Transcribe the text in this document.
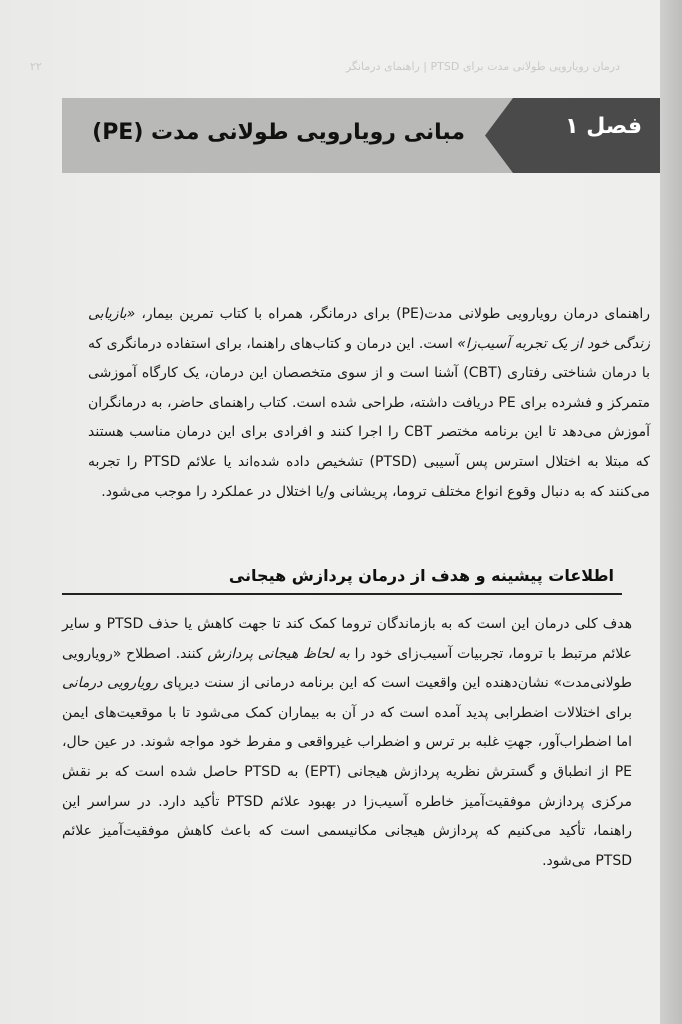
۲۲	درمان رویارویی طولانی مدت برای PTSD | راهنمای درمانگر
فصل ۱
مبانی رویارویی طولانی مدت (PE)

راهنمای درمان رویارویی طولانی مدت(PE) برای درمانگر، همراه با کتاب تمرین بیمار، «بازیابی زندگی خود از یک تجربه آسیب‌زا» است. این درمان و کتاب‌های راهنما، برای استفاده درمانگری که با درمان شناختی رفتاری (CBT) آشنا است و از سوی متخصصان این درمان، یک کارگاه آموزشی متمرکز و فشرده برای PE دریافت داشته، طراحی شده است. کتاب راهنمای حاضر، به درمانگران آموزش می‌دهد تا این برنامه مختصر CBT را اجرا کنند و افرادی برای این درمان مناسب هستند که مبتلا به اختلال استرس پس آسیبی (PTSD) تشخیص داده شده‌اند یا علائم PTSD را تجربه می‌کنند که به دنبال وقوع انواع مختلف تروما، پریشانی و/یا اختلال در عملکرد را موجب می‌شود.

اطلاعات پیشینه و هدف از درمان پردازش هیجانی

هدف کلی درمان این است که به بازماندگان تروما کمک کند تا جهت کاهش یا حذف PTSD و سایر علائم مرتبط با تروما، تجربیات آسیب‌زای خود را به لحاظ هیجانی پردازش کنند. اصطلاح «رویارویی طولانی‌مدت» نشان‌دهنده این واقعیت است که این برنامه درمانی از سنت دیرپای رویارویی درمانی برای اختلالات اضطرابی پدید آمده است که در آن به بیماران کمک می‌شود تا با موقعیت‌های ایمن اما اضطراب‌آور، جهتِ غلبه بر ترس و اضطراب غیرواقعی و مفرط خود مواجه شوند. در عین حال، PE از انطباق و گسترش نظریه پردازش هیجانی (EPT) به PTSD حاصل شده است که بر نقش مرکزی پردازش موفقیت‌آمیز خاطره آسیب‌زا در بهبود علائم PTSD تأکید دارد. در سراسر این راهنما، تأکید می‌کنیم که پردازش هیجانی مکانیسمی است که باعث کاهش موفقیت‌آمیز علائم PTSD می‌شود.
